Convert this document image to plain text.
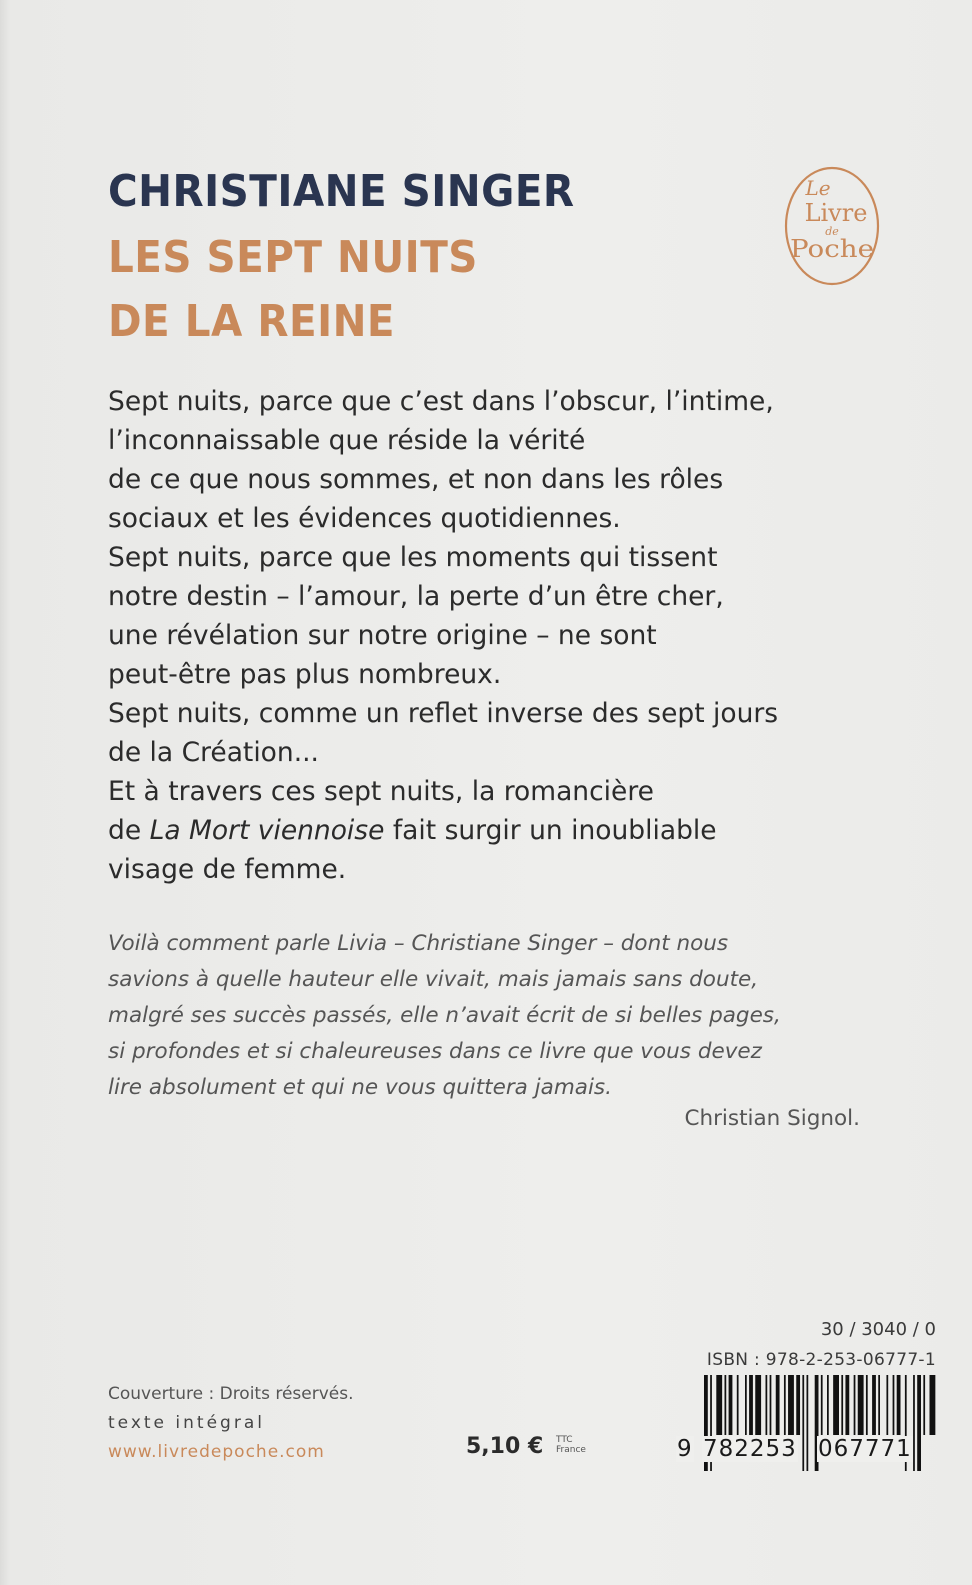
CHRISTIANE SINGER
LES SEPT NUITS
DE LA REINE
Le
Livre
de
Poche
Sept nuits, parce que c’est dans l’obscur, l’intime,
l’inconnaissable que réside la vérité
de ce que nous sommes, et non dans les rôles
sociaux et les évidences quotidiennes.
Sept nuits, parce que les moments qui tissent
notre destin – l’amour, la perte d’un être cher,
une révélation sur notre origine – ne sont
peut-être pas plus nombreux.
Sept nuits, comme un reflet inverse des sept jours
de la Création...
Et à travers ces sept nuits, la romancière
de La Mort viennoise fait surgir un inoubliable
visage de femme.
Voilà comment parle Livia – Christiane Singer – dont nous
savions à quelle hauteur elle vivait, mais jamais sans doute,
malgré ses succès passés, elle n’avait écrit de si belles pages,
si profondes et si chaleureuses dans ce livre que vous devez
lire absolument et qui ne vous quittera jamais.
Christian Signol.
Couverture : Droits réservés.
texte intégral
www.livredepoche.com	5,10 € TTC
France
30 / 3040 / 0
ISBN : 978-2-253-06777-1
9 782253 067771
